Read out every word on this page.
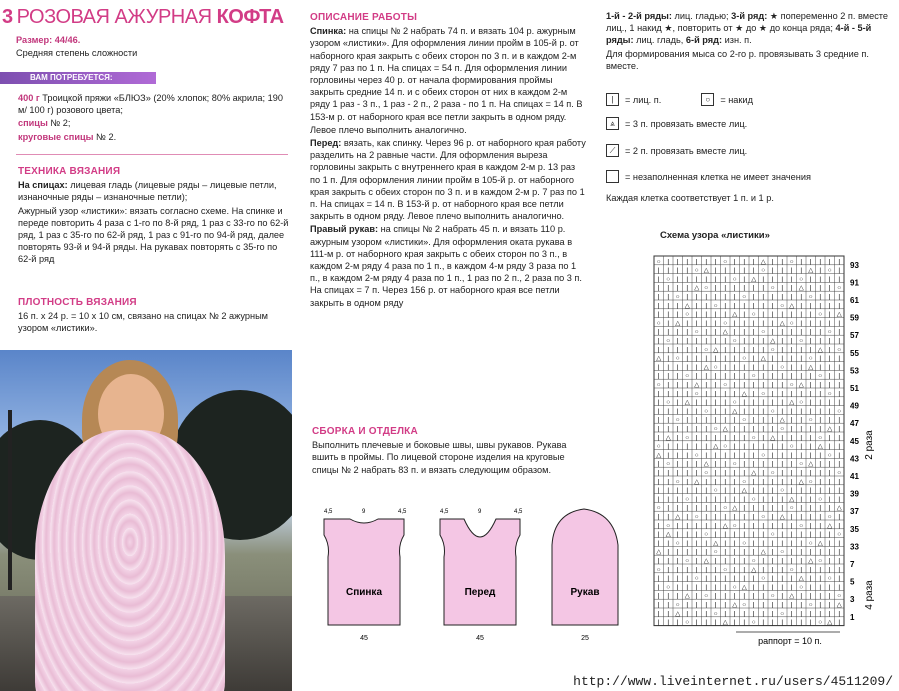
3 РОЗОВАЯ АЖУРНАЯ КОФТА

Размер: 44/46.

Средняя степень сложности

ВАМ ПОТРЕБУЕТСЯ:

400 г Троицкой пряжи «БЛЮЗ» (20% хлопок; 80% акрила; 190 м/ 100 г) розового цвета;

спицы № 2;

круговые спицы № 2.

ТЕХНИКА ВЯЗАНИЯ

На спицах: лицевая гладь (лицевые ряды – лицевые петли, изнаночные ряды – изнаночные петли);

Ажурный узор «листики»: вязать согласно схеме. На спинке и переде повторить 4 раза с 1-го по 8-й ряд, 1 раз с 33-го по 62-й ряд, 1 раз с 35-го по 62-й ряд, 1 раз с 91-го по 94-й ряд, далее повторять 93-й и 94-й ряды. На рукавах повторять с 35-го по 62-й ряд

ПЛОТНОСТЬ ВЯЗАНИЯ

16 п. х 24 р. = 10 х 10 см, связано на спицах № 2 ажурным узором «листики».

ОПИСАНИЕ РАБОТЫ

Спинка: на спицы № 2 набрать 74 п. и вязать 104 р. ажурным узором «листики». Для оформления линии пройм в 105-й р. от наборного края закрыть с обеих сторон по 3 п. и в каждом 2-м ряду 7 раз по 1 п. На спицах = 54 п. Для оформления линии горловины через 40 р. от начала формирования проймы закрыть средние 14 п. и с обеих сторон от них в каждом 2-м ряду 1 раз - 3 п., 1 раз - 2 п., 2 раза - по 1 п. На спицах = 14 п. В 153-м р. от наборного края все петли закрыть в одном ряду.

Левое плечо выполнить аналогично.

Перед: вязать, как спинку. Через 96 р. от наборного края работу разделить на 2 равные части. Для оформления выреза горловины закрыть с внутреннего края в каждом 2-м р. 13 раз по 1 п. Для оформления линии пройм в 105-й р. от наборного края закрыть с обеих сторон по 3 п. и в каждом 2-м р. 7 раз по 1 п. На спицах = 14 п. В 153-й р. от наборного края все петли закрыть в одном ряду. Левое плечо выполнить аналогично.

Правый рукав: на спицы № 2 набрать 45 п. и вязать 110 р. ажурным узором «листики». Для оформления оката рукава в 111-м р. от наборного края закрыть с обеих сторон по 3 п., в каждом 2-м ряду 4 раза по 1 п., в каждом 4-м ряду 3 раза по 1 п., в каждом 2-м ряду 4 раза по 1 п., 1 раз по 2 п., 2 раза по 3 п. На спицах = 7 п. Через 156 р. от наборного края все петли закрыть в одном ряду

СБОРКА И ОТДЕЛКА

Выполнить плечевые и боковые швы, швы рукавов. Рукава вшить в проймы. По лицевой стороне изделия на круговые спицы № 2 набрать 83 п. и вязать следующим образом.

Спинка
45
4,5	9	4,5
Перед
45
4,5	9	4,5
Рукав
25

1-й - 2-й ряды: лиц. гладью; 3-й ряд: ★ попеременно 2 п. вместе лиц., 1 накид ★, повторить от ★ до ★ до конца ряда; 4-й - 5-й ряды: лиц. гладь, 6-й ряд: изн. п.

Для формирования мыса со 2-го р. провязывать 3 средние п. вместе.

|	= лиц. п.	○	= накид
⩓	= 3 п. провязать вместе лиц.
⟋	= 2 п. провязать вместе лиц.
= незаполненная клетка не имеет значения
Каждая клетка соответствует 1 п. и 1 р.
Схема узора «листики»
○ | | | | | | ○ | | | △ | | ○ | | | | |
| | | | ○ △ | | | | | ○ | | | | △ | ○ |
| ○ | | | | | | ○ | △ | | | | ○ | | | |
| | | | △ ○ | | | | | | ○ | | △ | | | ○
| | ○ | | | | | | ○ | | | | | | ○ | | |
| | | △ | | ○ | | | | | | ○ △ | | | | |
| | | ○ | | | | △ | ○ | | | | | | ○ | △
○ | △ | | | | ○ | | | | | △ ○ | | | | |
| | | | ○ | | △ | | | ○ | | | | | | ○ |
| ○ | | | | | | ○ | | | △ | | ○ | | | |
| | | | | ○ △ | | | | | ○ | | | | △ | ○
△ | ○ | | | | | | ○ | △ | | | | ○ | | |
| | | | | △ ○ | | | | | | ○ | | △ | | |
| | | ○ | | | | | | ○ | | | | | | ○ | |
○ | | | △ | | ○ | | | | | | ○ △ | | | |
| | | | ○ | | | | △ | ○ | | | | | | ○ |
| ○ | △ | | | | ○ | | | | | △ ○ | | | |
| | | | | ○ | | △ | | | ○ | | | | | | ○
| | ○ | | | | | | ○ | | | △ | | ○ | | |
| | | | | | ○ △ | | | | | ○ | | | | △ |
| △ | ○ | | | | | | ○ | △ | | | | ○ | |
○ | | | | | △ ○ | | | | | | ○ | | △ | |
△ | | | ○ | | | | | | ○ | | | | | | ○ |
| ○ | | | △ | | ○ | | | | | | ○ △ | | |
| | | | | ○ | | | | △ | ○ | | | | | | ○
| | ○ | △ | | | | ○ | | | | | △ ○ | | |
| | | | | | ○ | | △ | | | ○ | | | | | |
| | | ○ | | | | | | ○ | | | △ | | ○ | |
○ | | | | | | ○ △ | | | | | ○ | | | | △
| | △ | ○ | | | | | | ○ | △ | | | | ○ |
| ○ | | | | | △ ○ | | | | | | ○ | | △ |
| △ | | | ○ | | | | | | ○ | | | | | | ○
| | ○ | | | △ | | ○ | | | | | | ○ △ | |
△ | | | | | ○ | | | | △ | ○ | | | | | |
| | | ○ | △ | | | | ○ | | | | | △ ○ | |
○ | | | | | | ○ | | △ | | | ○ | | | | |
| | | | ○ | | | | | | ○ | | | △ | | ○ |
| ○ | | | | | | ○ △ | | | | | ○ | | | |
| | | △ | ○ | | | | | | ○ | △ | | | | ○
| | ○ | | | | | △ ○ | | | | | | ○ | | △
| | △ | | | ○ | | | | | | ○ | | | | | |
| | | ○ | | | △ | | ○ | | | | | | ○ △ |
93
91
61
59
57
55
53
51
49
47
45
43
41
39
37
35
33
7
5
3
1
2 раза
4 раза
раппорт = 10 п.
http://www.liveinternet.ru/users/4511209/
